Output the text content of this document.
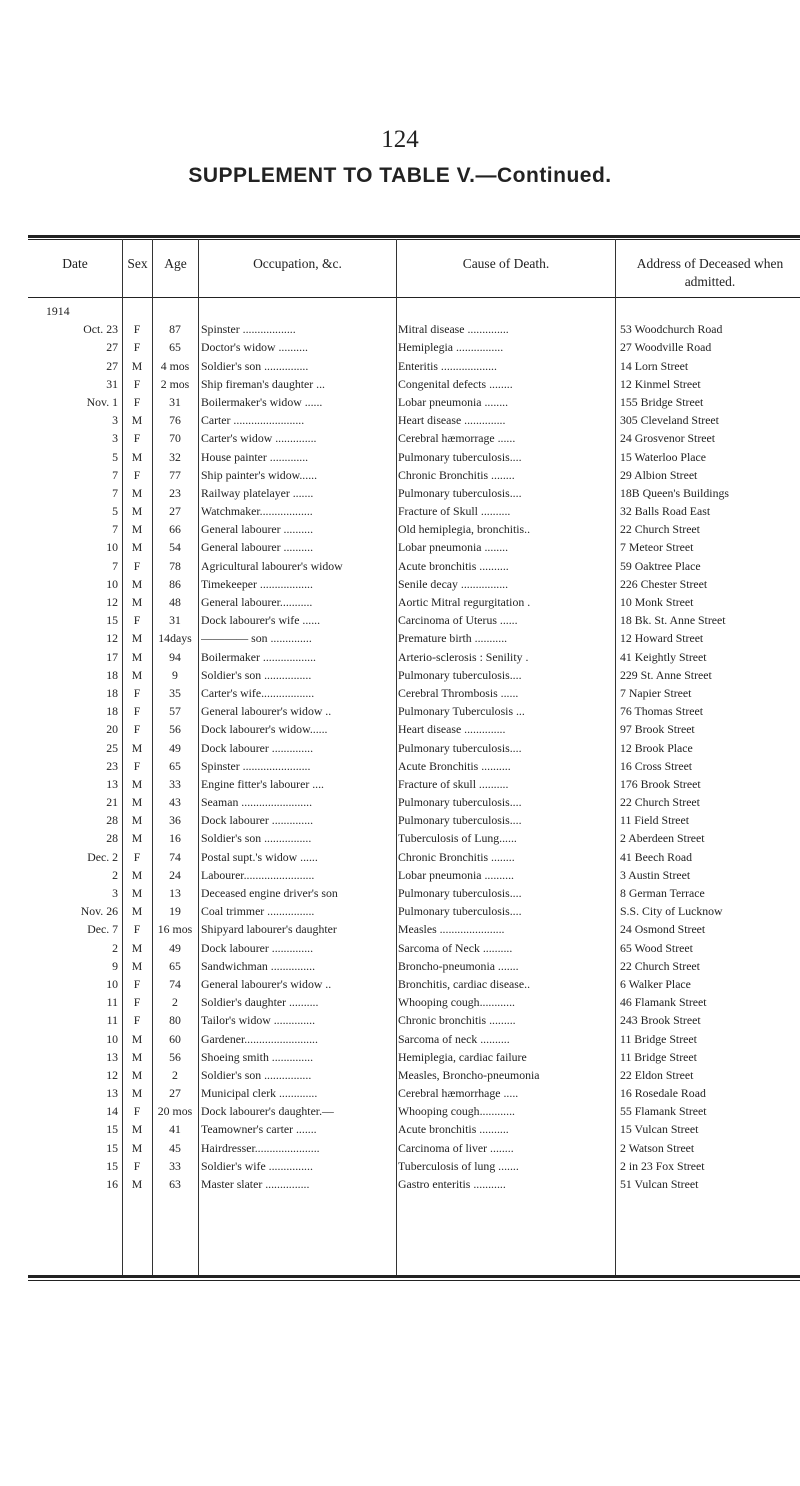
124
SUPPLEMENT TO TABLE V.—Continued.
Date	Sex	Age	Occupation, &c.	Cause of Death.	Address of Deceased when admitted.
1914
Oct. 23	F	87	Spinster ..................	Mitral disease ..............	53 Woodchurch Road
27	F	65	Doctor's widow ..........	Hemiplegia ................	27 Woodville Road
27	M	4 mos Soldier's son ...............	Enteritis ...................	14 Lorn Street
31	F	2 mos Ship fireman's daughter ...	Congenital defects ........	12 Kinmel Street
Nov. 1	F	31	Boilermaker's widow ......	Lobar pneumonia ........	155 Bridge Street
3	M	76	Carter ........................	Heart disease ..............	305 Cleveland Street
3	F	70	Carter's widow ..............	Cerebral hæmorrage ......	24 Grosvenor Street
5	M	32	House painter .............	Pulmonary tuberculosis....	15 Waterloo Place
7	F	77	Ship painter's widow......	Chronic Bronchitis ........	29 Albion Street
7	M	23	Railway platelayer .......	Pulmonary tuberculosis....	18B Queen's Buildings
5	M	27	Watchmaker..................	Fracture of Skull ..........	32 Balls Road East
7	M	66	General labourer ..........	Old hemiplegia, bronchitis..	22 Church Street
10	M	54	General labourer ..........	Lobar pneumonia ........	7 Meteor Street
7	F	78	Agricultural labourer's widow	Acute bronchitis ..........	59 Oaktree Place
10	M	86	Timekeeper ..................	Senile decay ................	226 Chester Street
12	M	48	General labourer...........	Aortic Mitral regurgitation .	10 Monk Street
15	F	31	Dock labourer's wife ......	Carcinoma of Uterus ......	18 Bk. St. Anne Street
12	M	14days ———— son ..............	Premature birth ...........	12 Howard Street
17	M	94	Boilermaker ..................	Arterio-sclerosis : Senility .	41 Keightly Street
18	M	9	Soldier's son ................	Pulmonary tuberculosis....	229 St. Anne Street
18	F	35	Carter's wife..................	Cerebral Thrombosis ......	7 Napier Street
18	F	57	General labourer's widow ..	Pulmonary Tuberculosis ...	76 Thomas Street
20	F	56	Dock labourer's widow......	Heart disease ..............	97 Brook Street
25	M	49	Dock labourer ..............	Pulmonary tuberculosis....	12 Brook Place
23	F	65	Spinster .......................	Acute Bronchitis ..........	16 Cross Street
13	M	33	Engine fitter's labourer ....	Fracture of skull ..........	176 Brook Street
21	M	43	Seaman ........................	Pulmonary tuberculosis....	22 Church Street
28	M	36	Dock labourer ..............	Pulmonary tuberculosis....	11 Field Street
28	M	16	Soldier's son ................	Tuberculosis of Lung......	2 Aberdeen Street
Dec. 2	F	74	Postal supt.'s widow ......	Chronic Bronchitis ........	41 Beech Road
2	M	24	Labourer........................	Lobar pneumonia ..........	3 Austin Street
3	M	13	Deceased engine driver's son	Pulmonary tuberculosis....	8 German Terrace
Nov. 26	M	19	Coal trimmer ................	Pulmonary tuberculosis....	S.S. City of Lucknow
Dec. 7	F	16 mos Shipyard labourer's daughter	Measles ......................	24 Osmond Street
2	M	49	Dock labourer ..............	Sarcoma of Neck ..........	65 Wood Street
9	M	65	Sandwichman ...............	Broncho-pneumonia .......	22 Church Street
10	F	74	General labourer's widow ..	Bronchitis, cardiac disease..	6 Walker Place
11	F	2	Soldier's daughter ..........	Whooping cough............	46 Flamank Street
11	F	80	Tailor's widow ..............	Chronic bronchitis .........	243 Brook Street
10	M	60	Gardener.........................	Sarcoma of neck ..........	11 Bridge Street
13	M	56	Shoeing smith ..............	Hemiplegia, cardiac failure	11 Bridge Street
12	M	2	Soldier's son ................	Measles, Broncho-pneumonia	22 Eldon Street
13	M	27	Municipal clerk .............	Cerebral hæmorrhage .....	16 Rosedale Road
14	F	20 mos Dock labourer's daughter.—	Whooping cough............	55 Flamank Street
15	M	41	Teamowner's carter .......	Acute bronchitis ..........	15 Vulcan Street
15	M	45	Hairdresser......................	Carcinoma of liver ........	2 Watson Street
15	F	33	Soldier's wife ...............	Tuberculosis of lung .......	2 in 23 Fox Street
16	M	63	Master slater ...............	Gastro enteritis ...........	51 Vulcan Street
